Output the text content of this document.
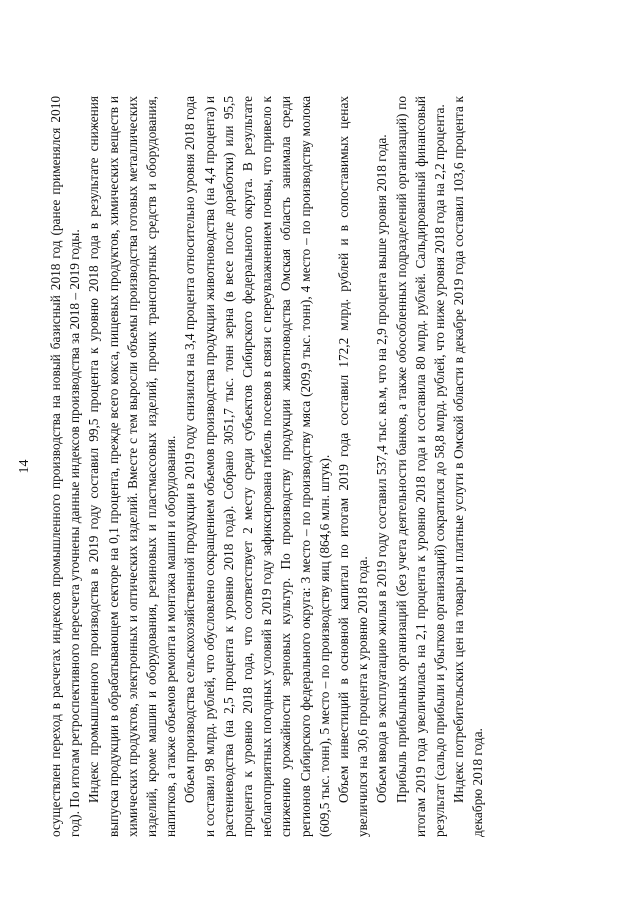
14 осуществлен переход в расчетах индексов промышленного производства на новый базисный 2018 год (ранее применялся 2010 год). По итогам ретроспективного пересчета уточнены данные индексов производства за 2018 – 2019 годы. Индекс промышленного производства в 2019 году составил 99,5 процента к уровню 2018 года в результате снижения выпуска продукции в обрабатывающем секторе на 0,1 процента, прежде всего кокса, пищевых продуктов, химических веществ и химических продуктов, электронных и оптических изделий. Вместе с тем выросли объемы производства готовых металлических изделий, кроме машин и оборудования, резиновых и пластмассовых изделий, прочих транспортных средств и оборудования, напитков, а также объемов ремонта и монтажа машин и оборудования. Объем производства сельскохозяйственной продукции в 2019 году снизился на 3,4 процента относительно уровня 2018 года и составил 98 млрд. рублей, что обусловлено сокращением объемов производства продукции животноводства (на 4,4 процента) и растениеводства (на 2,5 процента к уровню 2018 года). Собрано 3051,7 тыс. тонн зерна (в весе после доработки) или 95,5 процента к уровню 2018 года, что соответствует 2 месту среди субъектов Сибирского федерального округа. В результате неблагоприятных погодных условий в 2019 году зафиксирована гибель посевов в связи с переувлажнением почвы, что привело к снижению урожайности зерновых культур. По производству продукции животноводства Омская область занимала среди регионов Сибирского федерального округа: 3 место – по производству мяса (209,9 тыс. тонн), 4 место – по производству молока (609,5 тыс. тонн), 5 место – по производству яиц (864,6 млн. штук). Объем инвестиций в основной капитал по итогам 2019 года составил 172,2 млрд. рублей и в сопоставимых ценах увеличился на 30,6 процента к уровню 2018 года. Объем ввода в эксплуатацию жилья в 2019 году составил 537,4 тыс. кв.м, что на 2,9 процента выше уровня 2018 года. Прибыль прибыльных организаций (без учета деятельности банков, а также обособленных подразделений организаций) по итогам 2019 года увеличилась на 2,1 процента к уровню 2018 года и составила 80 млрд. рублей. Сальдированный финансовый результат (сальдо прибыли и убытков организаций) сократился до 58,8 млрд. рублей, что ниже уровня 2018 года на 2,2 процента. Индекс потребительских цен на товары и платные услуги в Омской области в декабре 2019 года составил 103,6 процента к декабрю 2018 года.
